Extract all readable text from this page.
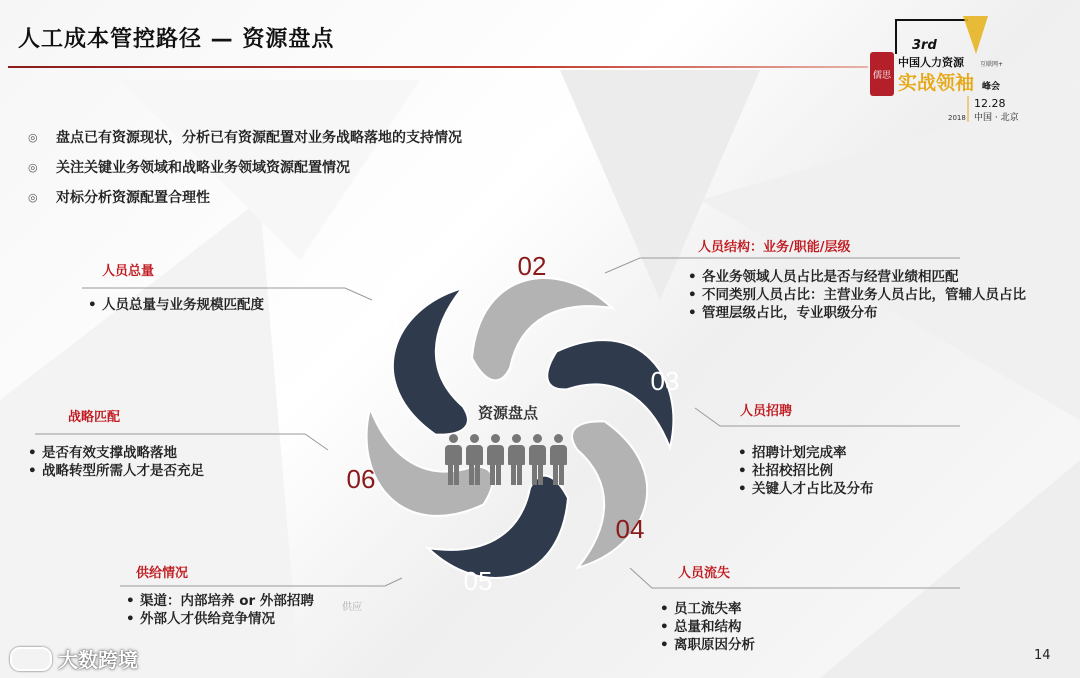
人工成本管控路径 — 资源盘点	3rd
儒思
中国人力资源	互联网+
实战领袖 峰会
12.28
2018 中国 · 北京
◎ 盘点已有资源现状，分析已有资源配置对业务战略落地的支持情况
◎ 关注关键业务领域和战略业务领域资源配置情况
◎ 对标分析资源配置合理性
01
02
03
04
05
06
资源盘点
人员总量
• 人员总量与业务规模匹配度
人员结构：业务/职能/层级
• 各业务领域人员占比是否与经营业绩相匹配
• 不同类别人员占比：主营业务人员占比，管辅人员占比
• 管理层级占比，专业职级分布
人员招聘
• 招聘计划完成率
• 社招校招比例
• 关键人才占比及分布
人员流失
• 员工流失率
• 总量和结构
• 离职原因分析
供给情况
• 渠道：内部培养 or 外部招聘
• 外部人才供给竞争情况
战略匹配
• 是否有效支撑战略落地
• 战略转型所需人才是否充足
供应
大数跨境	14
